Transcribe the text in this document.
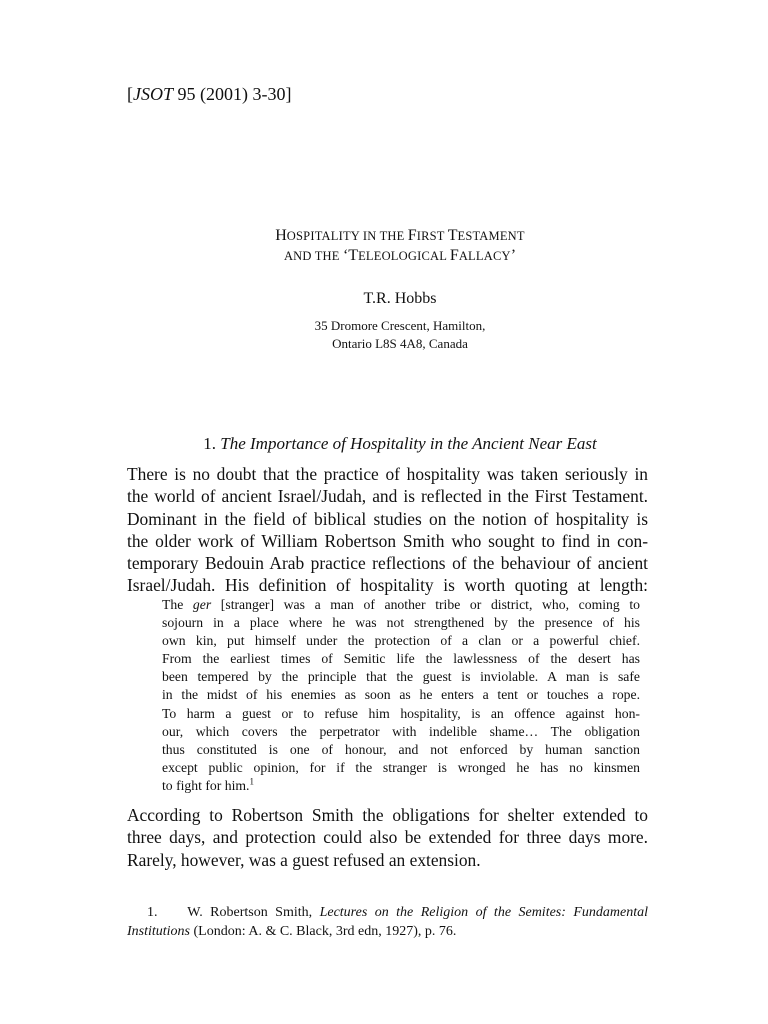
[JSOT 95 (2001) 3-30]
HOSPITALITY IN THE FIRST TESTAMENT
AND THE ‘TELEOLOGICAL FALLACY’
T.R. Hobbs
35 Dromore Crescent, Hamilton,
Ontario L8S 4A8, Canada
1. The Importance of Hospitality in the Ancient Near East
There is no doubt that the practice of hospitality was taken seriously in
the world of ancient Israel/Judah, and is reflected in the First Testament.
Dominant in the field of biblical studies on the notion of hospitality is
the older work of William Robertson Smith who sought to find in con-
temporary Bedouin Arab practice reflections of the behaviour of ancient
Israel/Judah. His definition of hospitality is worth quoting at length:
The ger [stranger] was a man of another tribe or district, who, coming to
sojourn in a place where he was not strengthened by the presence of his
own kin, put himself under the protection of a clan or a powerful chief.
From the earliest times of Semitic life the lawlessness of the desert has
been tempered by the principle that the guest is inviolable. A man is safe
in the midst of his enemies as soon as he enters a tent or touches a rope.
To harm a guest or to refuse him hospitality, is an offence against hon-
our, which covers the perpetrator with indelible shame… The obligation
thus constituted is one of honour, and not enforced by human sanction
except public opinion, for if the stranger is wronged he has no kinsmen
to fight for him.$^1$
According to Robertson Smith the obligations for shelter extended to
three days, and protection could also be extended for three days more.
Rarely, however, was a guest refused an extension.
1. W. Robertson Smith, Lectures on the Religion of the Semites: Fundamental
Institutions (London: A. & C. Black, 3rd edn, 1927), p. 76.
